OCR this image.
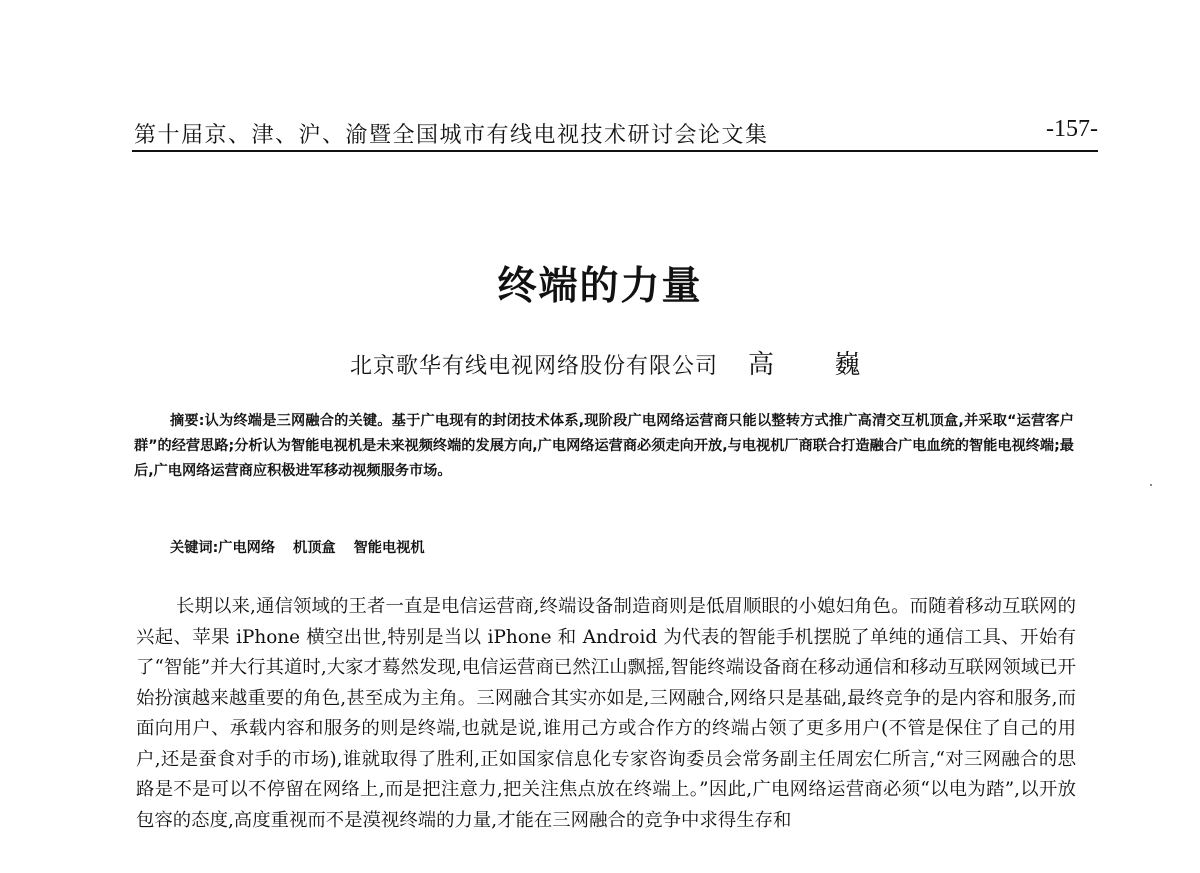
第十届京、津、沪、渝暨全国城市有线电视技术研讨会论文集	-157-
终端的力量
北京歌华有线电视网络股份有限公司 高 巍

摘要:认为终端是三网融合的关键。基于广电现有的封闭技术体系,现阶段广电网络运营商只能以整转方式推广高清交互机顶盒,并采取“运营客户群”的经营思路;分析认为智能电视机是未来视频终端的发展方向,广电网络运营商必须走向开放,与电视机厂商联合打造融合广电血统的智能电视终端;最后,广电网络运营商应积极进军移动视频服务市场。

关键词:广电网络 机顶盒 智能电视机

长期以来,通信领域的王者一直是电信运营商,终端设备制造商则是低眉顺眼的小媳妇角色。而随着移动互联网的兴起、苹果 iPhone 横空出世,特别是当以 iPhone 和 Android 为代表的智能手机摆脱了单纯的通信工具、开始有了“智能”并大行其道时,大家才蓦然发现,电信运营商已然江山飘摇,智能终端设备商在移动通信和移动互联网领域已开始扮演越来越重要的角色,甚至成为主角。三网融合其实亦如是,三网融合,网络只是基础,最终竞争的是内容和服务,而面向用户、承载内容和服务的则是终端,也就是说,谁用己方或合作方的终端占领了更多用户(不管是保住了自己的用户,还是蚕食对手的市场),谁就取得了胜利,正如国家信息化专家咨询委员会常务副主任周宏仁所言,“对三网融合的思路是不是可以不停留在网络上,而是把注意力,把关注焦点放在终端上。”因此,广电网络运营商必须“以电为踏”,以开放包容的态度,高度重视而不是漠视终端的力量,才能在三网融合的竞争中求得生存和
